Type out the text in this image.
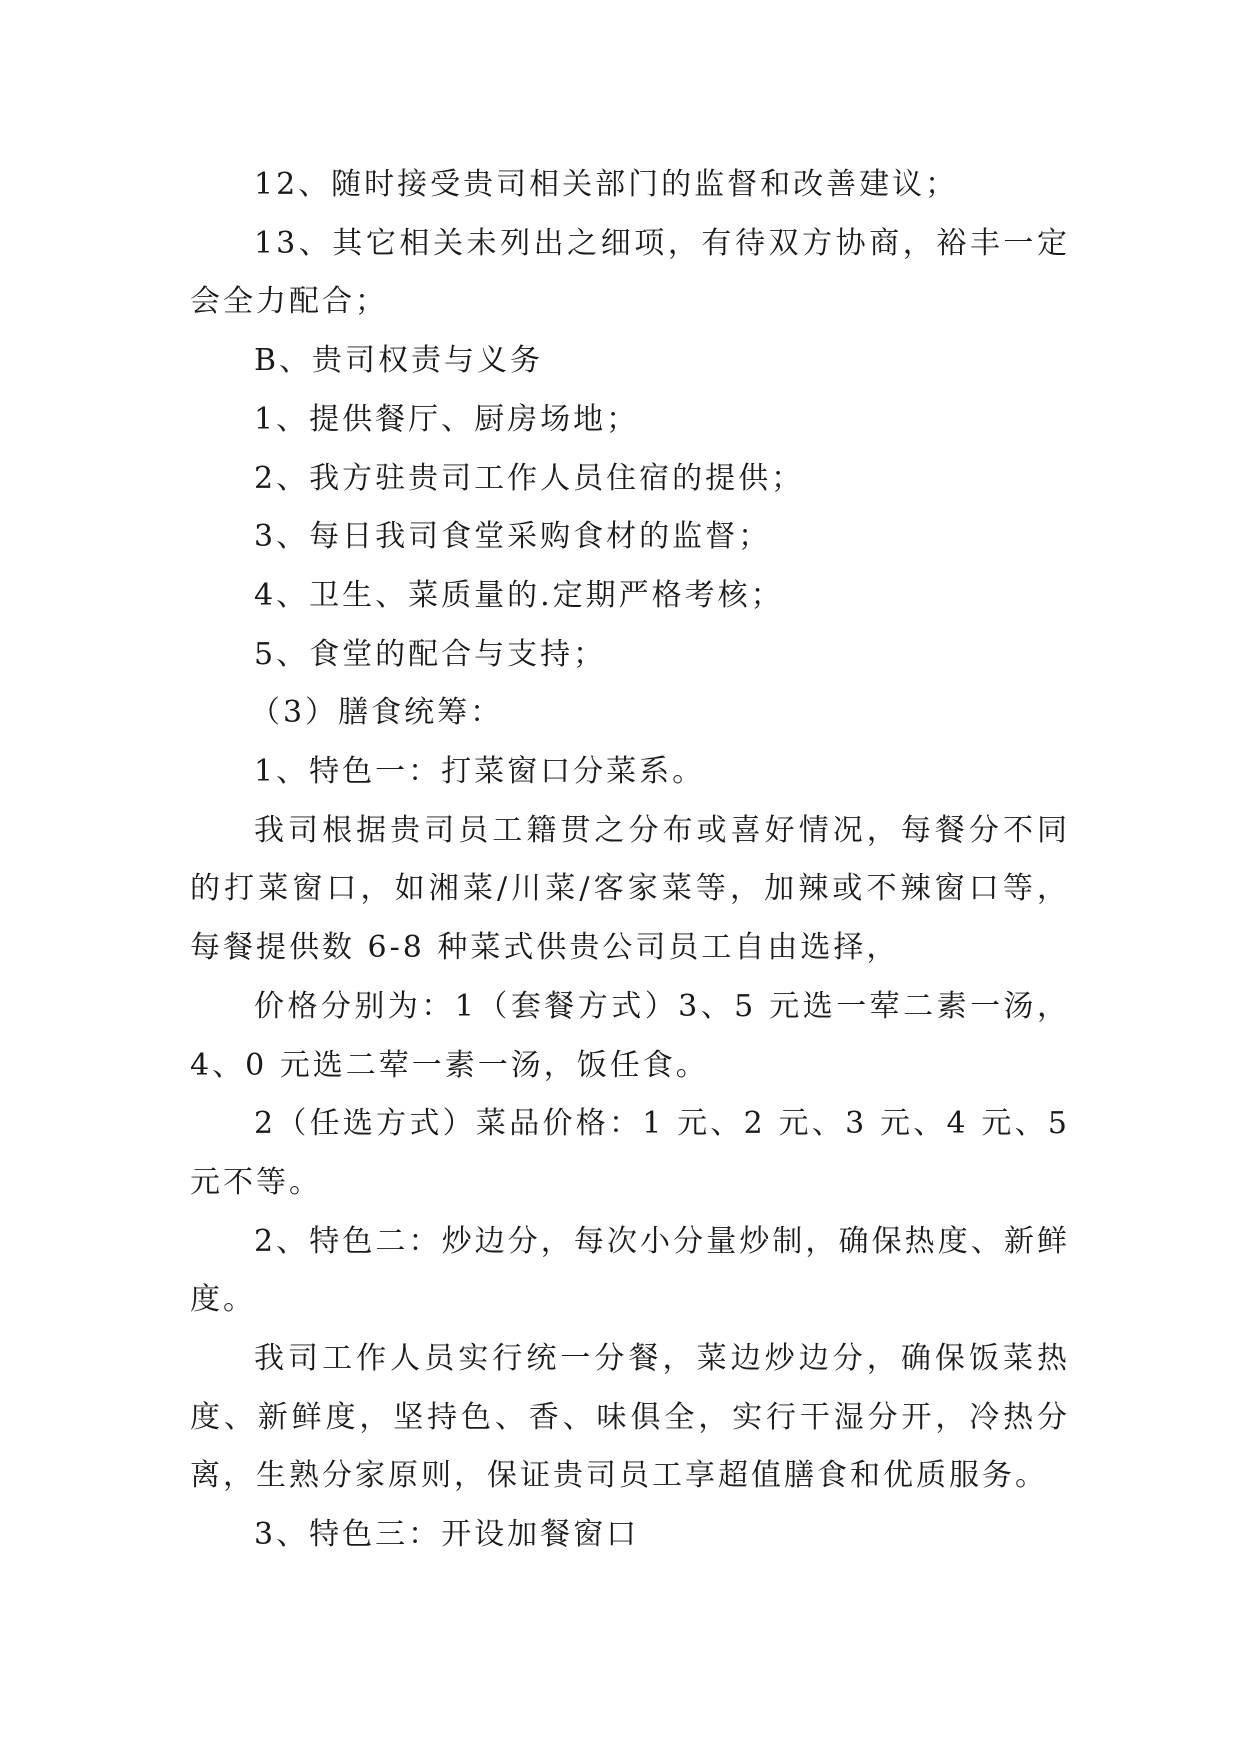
12、随时接受贵司相关部门的监督和改善建议；

13、其它相关未列出之细项，有待双方协商，裕丰一定会全力配合；

B、贵司权责与义务

1、提供餐厅、厨房场地；

2、我方驻贵司工作人员住宿的提供；

3、每日我司食堂采购食材的监督；

4、卫生、菜质量的.定期严格考核；

5、食堂的配合与支持；

（3）膳食统筹：

1、特色一：打菜窗口分菜系。

我司根据贵司员工籍贯之分布或喜好情况，每餐分不同的打菜窗口，如湘菜/川菜/客家菜等，加辣或不辣窗口等，每餐提供数 6-8 种菜式供贵公司员工自由选择，

价格分别为：1（套餐方式）3、5 元选一荤二素一汤，4、0 元选二荤一素一汤，饭任食。

2（任选方式）菜品价格：1 元、2 元、3 元、4 元、5 元不等。

2、特色二：炒边分，每次小分量炒制，确保热度、新鲜度。

我司工作人员实行统一分餐，菜边炒边分，确保饭菜热度、新鲜度，坚持色、香、味俱全，实行干湿分开，冷热分离，生熟分家原则，保证贵司员工享超值膳食和优质服务。

3、特色三：开设加餐窗口
